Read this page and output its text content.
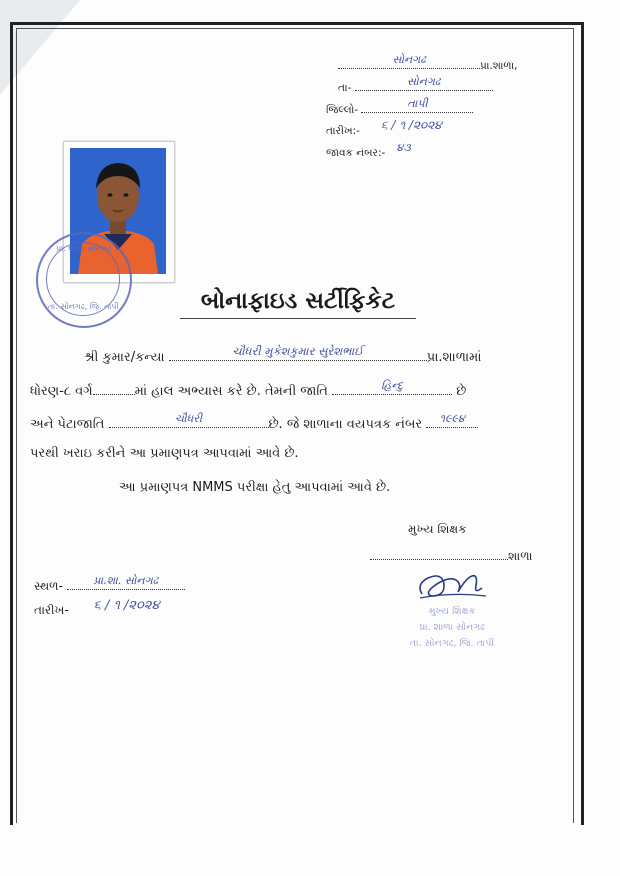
સોનગઢ	પ્રા.શાળા,
તા-	સોનગઢ
જિલ્લો-	તાપી
તારીખ:-	૬ / ૧ /૨૦૨૪
જાવક નંબર:-	૪૩
પ્રા. શાળા સોનગઢ
તા. સોનગઢ, જિ. તાપી	બોનાફાઇડ સર્ટીફિકેટ
શ્રી કુમાર/કન્યા	ચૌધરી મુકેશકુમાર સુરેશભાઈ	પ્રા.શાળામાં
ધોરણ-૮ વર્ગ	માં હાલ અભ્યાસ કરે છે. તેમની જાતિ	હિન્દુ	છે
અને પેટાજાતિ	ચૌધરી	છે. જે શાળાના વયપત્રક નંબર	૧૯૯૪
પરથી ખરાઇ કરીને આ પ્રમાણપત્ર આપવામાં આવે છે.
આ પ્રમાણપત્ર NMMS પરીક્ષા હેતુ આપવામાં આવે છે.
મુખ્ય શિક્ષક
શાળા
સ્થળ-	પ્રા.શા. સોનગઢ
તારીખ-	૬ / ૧ /૨૦૨૪	મુખ્ય શિક્ષક
પ્રા. શાળા સોનગઢ
તા. સોનગઢ, જિ. તાપી
